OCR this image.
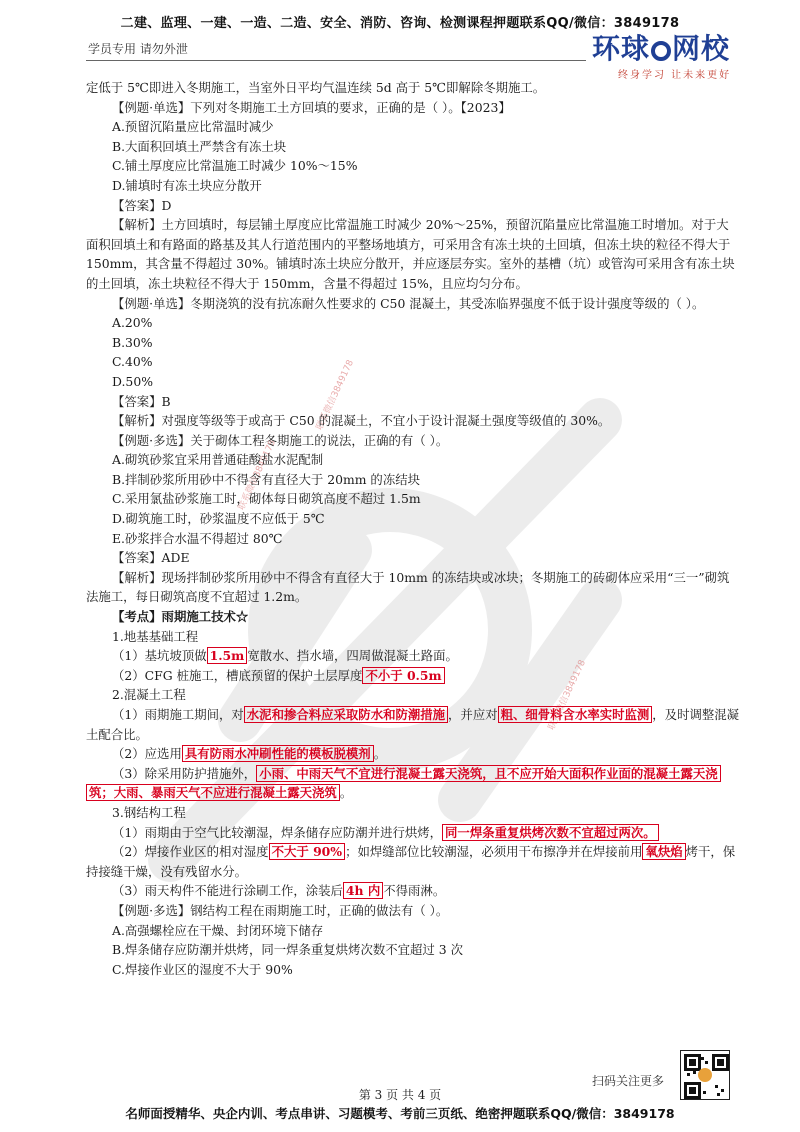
二建、监理、一建、一造、二造、安全、消防、咨询、检测课程押题联系QQ/微信：3849178
学员专用 请勿外泄	环球 网校
终身学习 让未来更好
联系微信3849178
联系微信3849178
联系微信3849178

定低于 5℃即进入冬期施工，当室外日平均气温连续 5d 高于 5℃即解除冬期施工。

【例题·单选】下列对冬期施工土方回填的要求，正确的是（ ）。【2023】

A.预留沉陷量应比常温时减少

B.大面积回填土严禁含有冻土块

C.铺土厚度应比常温施工时减少 10%～15%

D.铺填时有冻土块应分散开

【答案】D

【解析】土方回填时，每层铺土厚度应比常温施工时减少 20%～25%，预留沉陷量应比常温施工时增加。对于大面积回填土和有路面的路基及其人行道范围内的平整场地填方，可采用含有冻土块的土回填，但冻土块的粒径不得大于 150mm，其含量不得超过 30%。铺填时冻土块应分散开，并应逐层夯实。室外的基槽（坑）或管沟可采用含有冻土块的土回填，冻土块粒径不得大于 150mm，含量不得超过 15%，且应均匀分布。

【例题·单选】冬期浇筑的没有抗冻耐久性要求的 C50 混凝土，其受冻临界强度不低于设计强度等级的（ ）。

A.20%

B.30%

C.40%

D.50%

【答案】B

【解析】对强度等级等于或高于 C50 的混凝土，不宜小于设计混凝土强度等级值的 30%。

【例题·多选】关于砌体工程冬期施工的说法，正确的有（ ）。

A.砌筑砂浆宜采用普通硅酸盐水泥配制

B.拌制砂浆所用砂中不得含有直径大于 20mm 的冻结块

C.采用氯盐砂浆施工时，砌体每日砌筑高度不超过 1.5m

D.砌筑施工时，砂浆温度不应低于 5℃

E.砂浆拌合水温不得超过 80℃

【答案】ADE

【解析】现场拌制砂浆所用砂中不得含有直径大于 10mm 的冻结块或冰块；冬期施工的砖砌体应采用“三一”砌筑法施工，每日砌筑高度不宜超过 1.2m。

【考点】雨期施工技术☆

1.地基基础工程

（1）基坑坡顶做 1.5m 宽散水、挡水墙，四周做混凝土路面。

（2）CFG 桩施工，槽底预留的保护土层厚度 不小于 0.5m

2.混凝土工程

（1）雨期施工期间，对 水泥和掺合料应采取防水和防潮措施 ，并应对 粗、细骨料含水率实时监测 ，及时调整混凝土配合比。

（2）应选用 具有防雨水冲刷性能的模板脱模剂 。

（3）除采用防护措施外， 小雨、中雨天气不宜进行混凝土露天浇筑，且不应开始大面积作业面的混凝土露天浇筑；大雨、暴雨天气不应进行混凝土露天浇筑 。

3.钢结构工程

（1）雨期由于空气比较潮湿，焊条储存应防潮并进行烘烤， 同一焊条重复烘烤次数不宜超过两次。

（2）焊接作业区的相对湿度 不大于 90% ；如焊缝部位比较潮湿，必须用干布擦净并在焊接前用 氧炔焰 烤干，保持接缝干燥，没有残留水分。

（3）雨天构件不能进行涂刷工作，涂装后 4h 内 不得雨淋。

【例题·多选】钢结构工程在雨期施工时，正确的做法有（ ）。

A.高强螺栓应在干燥、封闭环境下储存

B.焊条储存应防潮并烘烤，同一焊条重复烘烤次数不宜超过 3 次

C.焊接作业区的湿度不大于 90%

扫码关注更多
第 3 页 共 4 页
名师面授精华、央企内训、考点串讲、习题模考、考前三页纸、绝密押题联系QQ/微信：3849178
